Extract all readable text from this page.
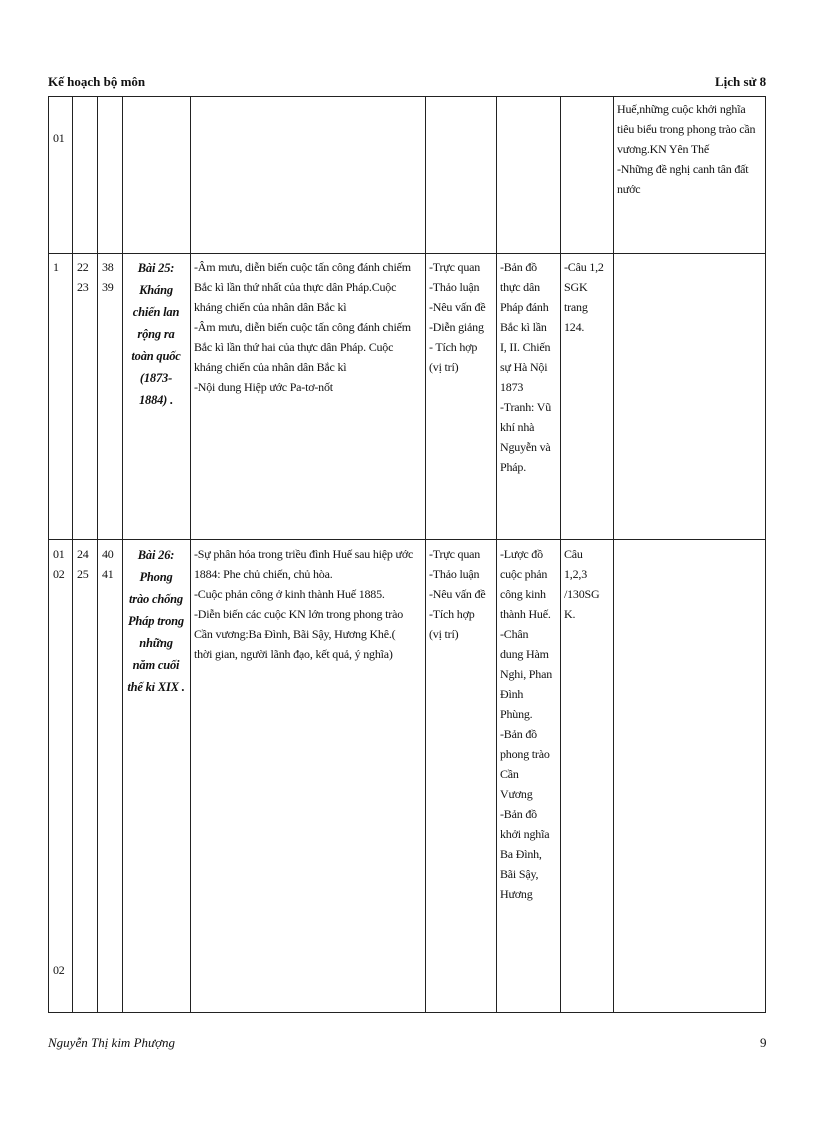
Kế hoạch bộ môn	Lịch sử 8
01
Huế,những cuộc khởi nghĩa
tiêu biểu trong phong trào cần
vương.KN Yên Thế
-Những đề nghị canh tân đất
nước
1 22
23
38
39
Bài 25:
Kháng
chiến lan
rộng ra
toàn quốc
(1873-
1884) .
-Âm mưu, diễn biến cuộc tấn công đánh chiếm
Bắc kì lần thứ nhất của thực dân Pháp.Cuộc
kháng chiến của nhân dân Bắc kì
-Âm mưu, diễn biến cuộc tấn công đánh chiếm
Bắc kì lần thứ hai của thực dân Pháp. Cuộc
kháng chiến của nhân dân Bắc kì
-Nội dung Hiệp ước Pa-tơ-nốt
-Trực quan
-Thảo luận
-Nêu vấn đề
-Diễn giảng
- Tích hợp
(vị trí)
-Bản đồ
thực dân
Pháp đánh
Bắc kì lần
I, II. Chiến
sự Hà Nội
1873
-Tranh: Vũ
khí nhà
Nguyễn và
Pháp.
-Câu 1,2
SGK
trang
124.
01
02
02
24
25
40
41
Bài 26:
Phong
trào chống
Pháp trong
những
năm cuối
thế kỉ XIX .
-Sự phân hóa trong triều đình Huế sau hiệp ước
1884: Phe chủ chiến, chủ hòa.
-Cuộc phản công ở kinh thành Huế 1885.
-Diễn biến các cuộc KN lớn trong phong trào
Cần vương:Ba Đình, Bãi Sậy, Hương Khê.(
thời gian, người lãnh đạo, kết quả, ý nghĩa)
-Trực quan
-Thảo luận
-Nêu vấn đề
-Tích hợp
(vị trí)
-Lược đồ
cuộc phản
công kinh
thành Huế.
-Chân
dung Hàm
Nghi, Phan
Đình
Phùng.
-Bản đồ
phong trào
Cần
Vương
-Bản đồ
khởi nghĩa
Ba Đình,
Bãi Sậy,
Hương
Câu
1,2,3
/130SG
K.
Nguyễn Thị kim Phượng	9
